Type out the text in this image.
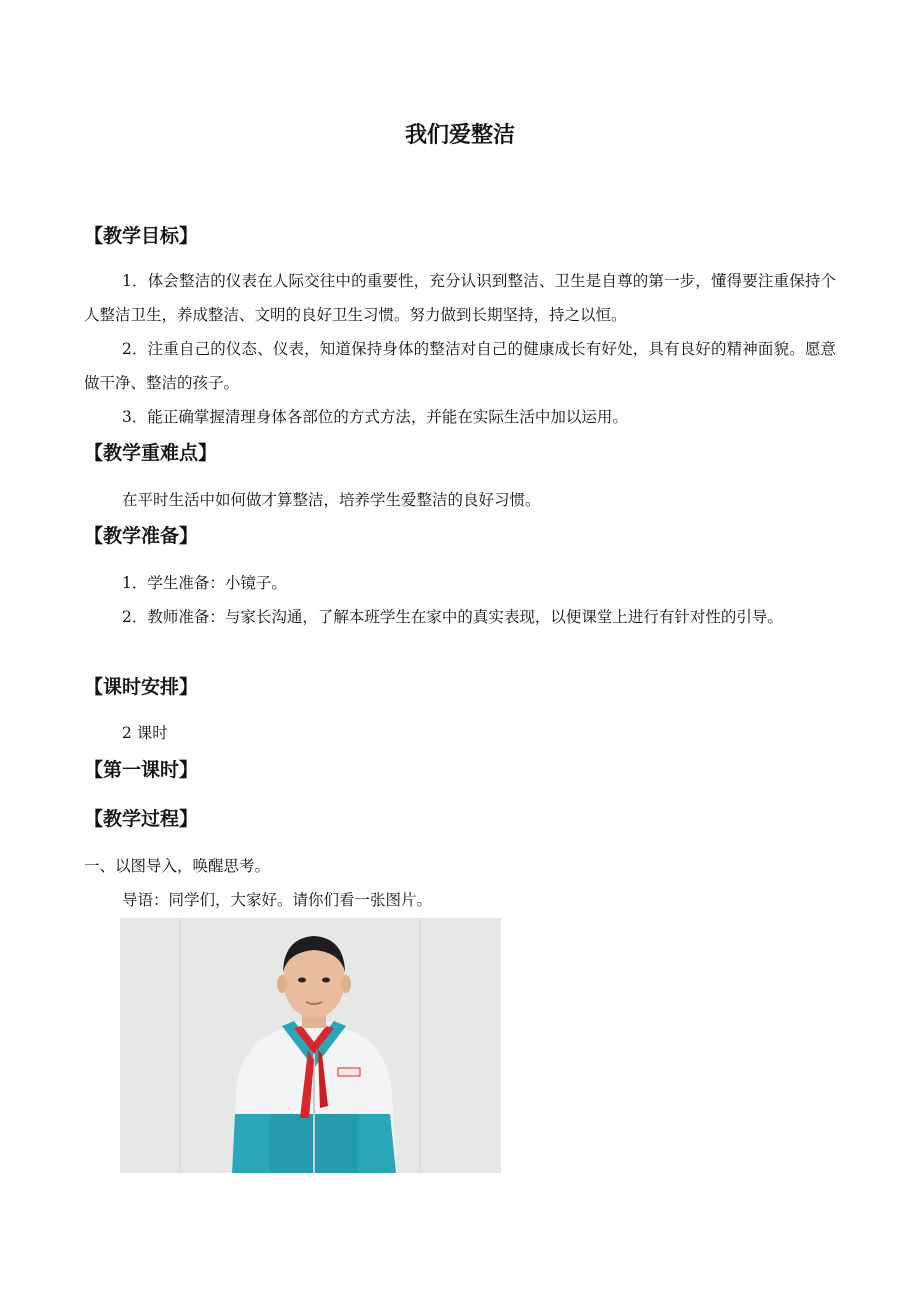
我们爱整洁
【教学目标】
1．体会整洁的仪表在人际交往中的重要性，充分认识到整洁、卫生是自尊的第一步，懂得要注重保持个人整洁卫生，养成整洁、文明的良好卫生习惯。努力做到长期坚持，持之以恒。
2．注重自己的仪态、仪表，知道保持身体的整洁对自己的健康成长有好处，具有良好的精神面貌。愿意做干净、整洁的孩子。
3．能正确掌握清理身体各部位的方式方法，并能在实际生活中加以运用。
【教学重难点】
在平时生活中如何做才算整洁，培养学生爱整洁的良好习惯。
【教学准备】
1．学生准备：小镜子。
2．教师准备：与家长沟通，了解本班学生在家中的真实表现，以便课堂上进行有针对性的引导。
【课时安排】
2 课时
【第一课时】
【教学过程】
一、以图导入，唤醒思考。
导语：同学们，大家好。请你们看一张图片。
